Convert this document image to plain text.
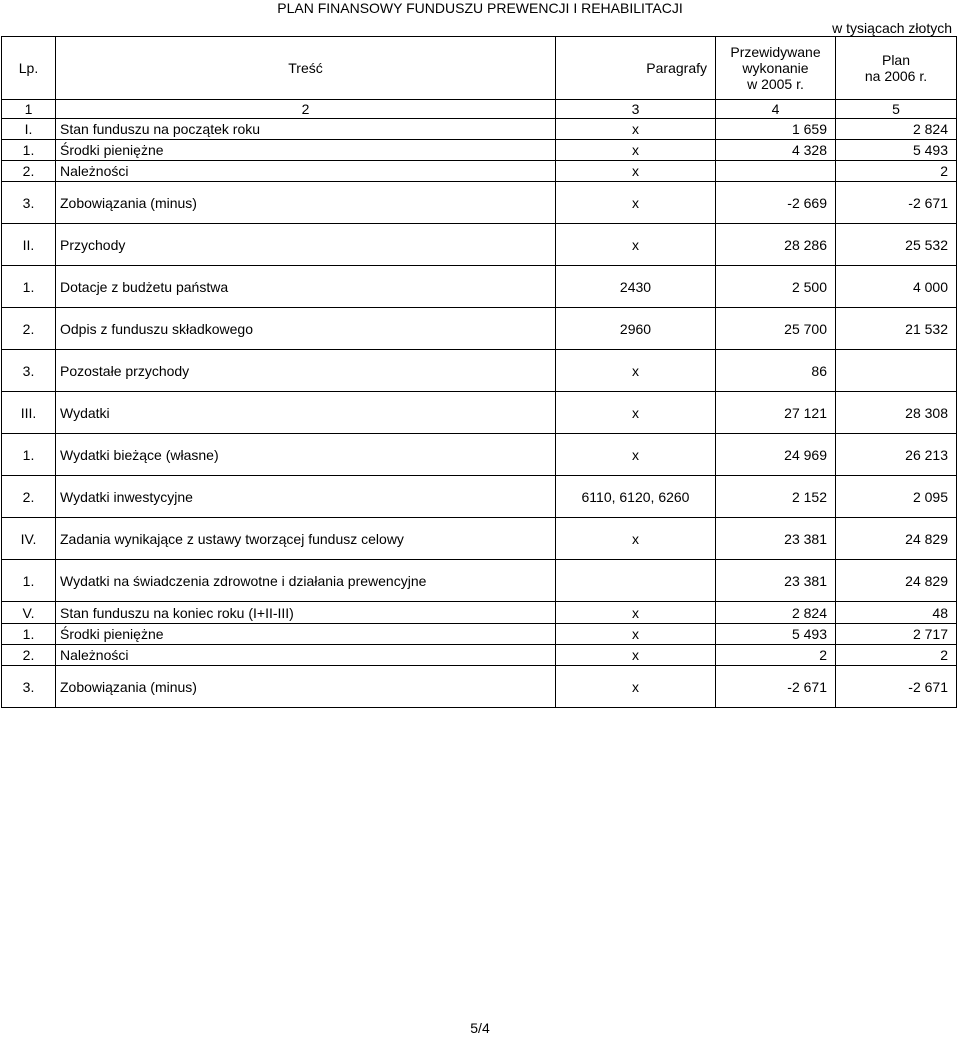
PLAN FINANSOWY FUNDUSZU PREWENCJI I REHABILITACJI
w tysiącach złotych
Lp.	Treść	Paragrafy	Przewidywane
wykonanie
w 2005 r.	Plan
na 2006 r.

1	2	3	4	5
I.	Stan funduszu na początek roku	x	1 659	2 824
1.	Środki pieniężne	x	4 328	5 493
2.	Należności	x		2
3.	Zobowiązania (minus)	x	-2 669	-2 671
II.	Przychody	x	28 286	25 532
1.	Dotacje z budżetu państwa	2430	2 500	4 000
2.	Odpis z funduszu składkowego	2960	25 700	21 532
3.	Pozostałe przychody	x	86	
III.	Wydatki	x	27 121	28 308
1.	Wydatki bieżące (własne)	x	24 969	26 213
2.	Wydatki inwestycyjne	6110, 6120, 6260	2 152	2 095
IV.	Zadania wynikające z ustawy tworzącej fundusz celowy	x	23 381	24 829
1.	Wydatki na świadczenia zdrowotne i działania prewencyjne		23 381	24 829
V.	Stan funduszu na koniec roku (I+II-III)	x	2 824	48
1.	Środki pieniężne	x	5 493	2 717
2.	Należności	x	2	2
3.	Zobowiązania (minus)	x	-2 671	-2 671
5/4
